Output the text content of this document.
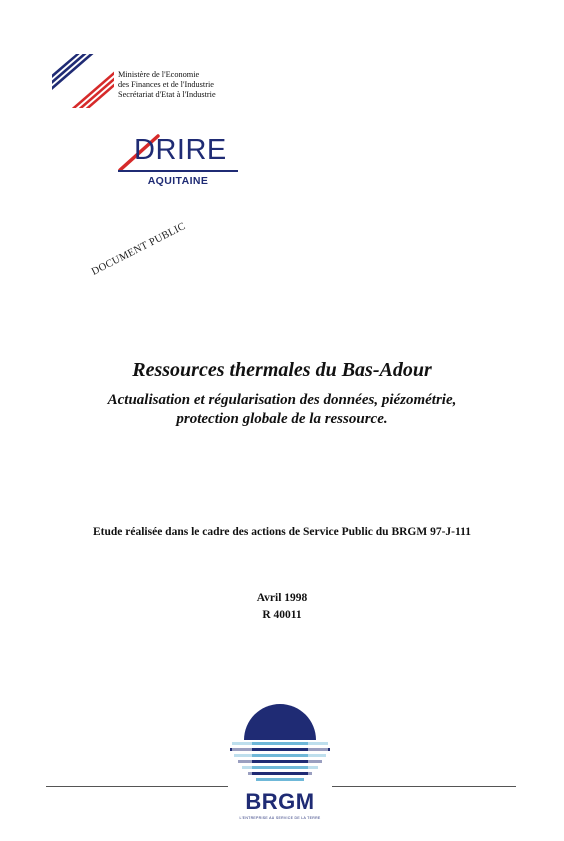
Ministère de l'Economie
des Finances et de l'Industrie
Secrétariat d'Etat à l'Industrie
DRIRE
AQUITAINE
DOCUMENT PUBLIC
Ressources thermales du Bas-Adour
Actualisation et régularisation des données, piézométrie,
protection globale de la ressource.
Etude réalisée dans le cadre des actions de Service Public du BRGM 97-J-111
Avril 1998
R 40011
BRGM
L'ENTREPRISE AU SERVICE DE LA TERRE
